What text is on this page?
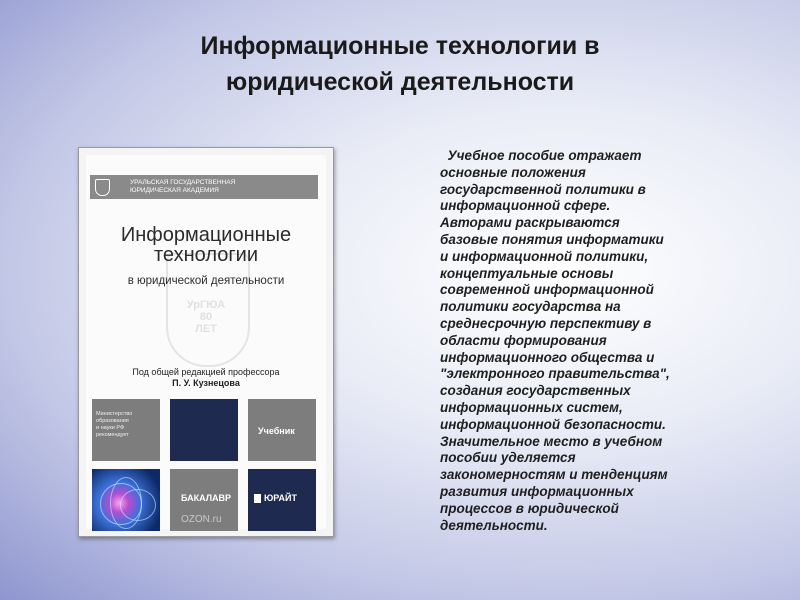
Информационные технологии в
юридической деятельности
УРАЛЬСКАЯ ГОСУДАРСТВЕННАЯ
ЮРИДИЧЕСКАЯ АКАДЕМИЯ
УрГЮА
80
ЛЕТ
Информационные
технологии
в юридической деятельности
Под общей редакцией профессора
П. У. Кузнецова
Министерство
образования
и науки РФ
рекомендует	Учебник
БАКАЛАВР	ЮРАЙТ
OZON.ru
Учебное пособие отражает
основные положения
государственной политики в
информационной сфере.
Авторами раскрываются
базовые понятия информатики
и информационной политики,
концептуальные основы
современной информационной
политики государства на
среднесрочную перспективу в
области формирования
информационного общества и
"электронного правительства",
создания государственных
информационных систем,
информационной безопасности.
Значительное место в учебном
пособии уделяется
закономерностям и тенденциям
развития информационных
процессов в юридической
деятельности.
